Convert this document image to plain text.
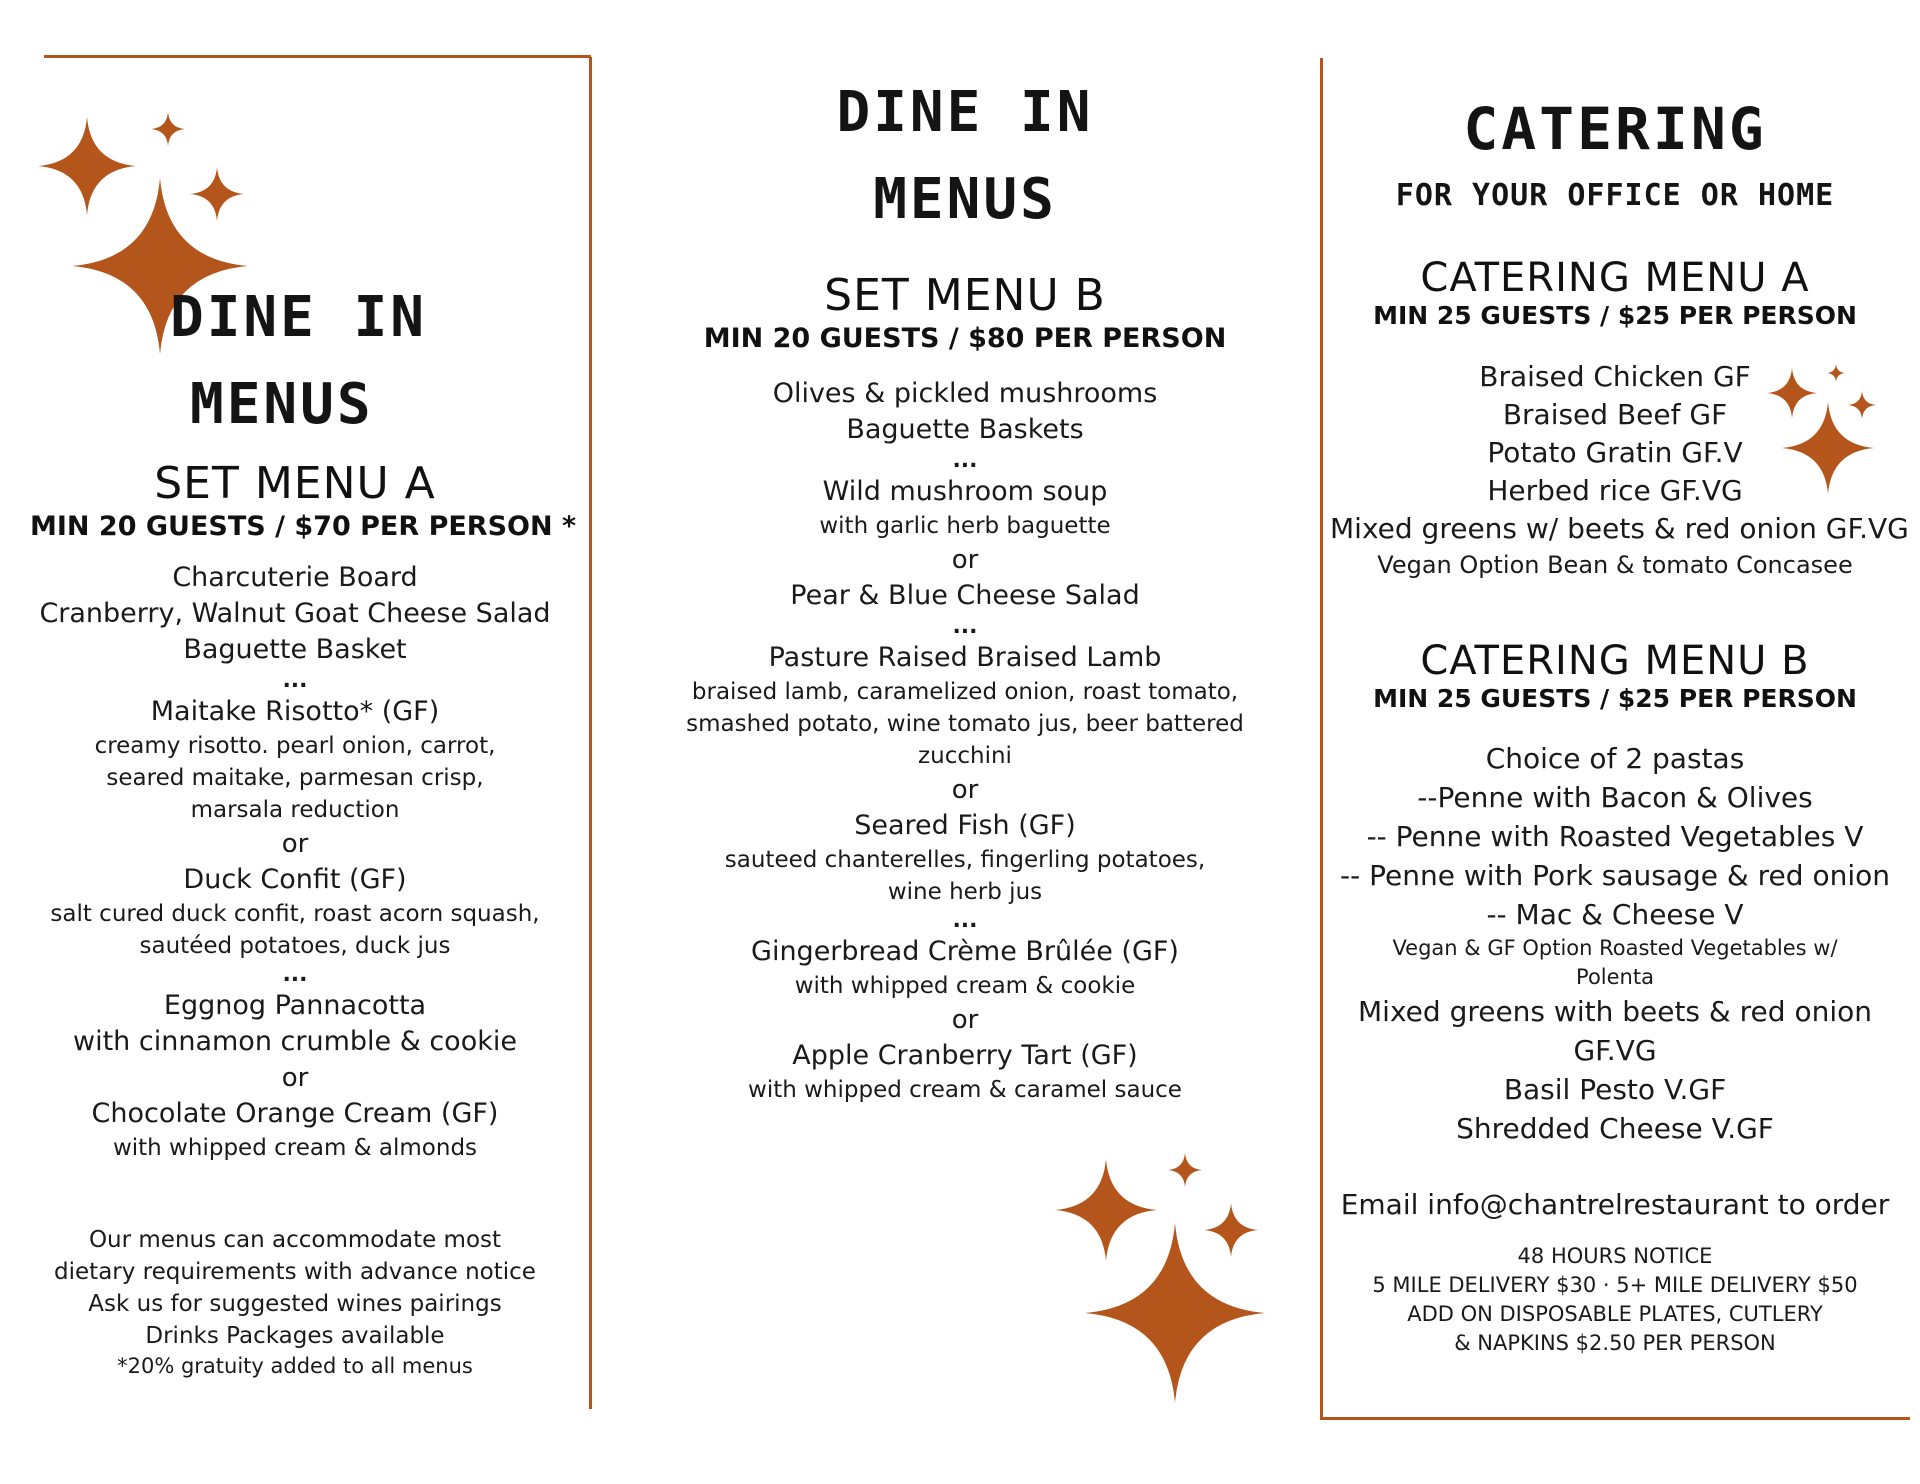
DINE IN
MENUS
SET MENU A
MIN 20 GUESTS / $70 PER PERSON *
Charcuterie Board
Cranberry, Walnut Goat Cheese Salad
Baguette Basket
...
Maitake Risotto* (GF)
creamy risotto. pearl onion, carrot,
seared maitake, parmesan crisp,
marsala reduction
or
Duck Confit (GF)
salt cured duck confit, roast acorn squash,
sautéed potatoes, duck jus
...
Eggnog Pannacotta
with cinnamon crumble & cookie
or
Chocolate Orange Cream (GF)
with whipped cream & almonds
Our menus can accommodate most
dietary requirements with advance notice
Ask us for suggested wines pairings
Drinks Packages available
*20% gratuity added to all menus
DINE IN
MENUS
SET MENU B
MIN 20 GUESTS / $80 PER PERSON
Olives & pickled mushrooms
Baguette Baskets
...
Wild mushroom soup
with garlic herb baguette
or
Pear & Blue Cheese Salad
...
Pasture Raised Braised Lamb
braised lamb, caramelized onion, roast tomato,
smashed potato, wine tomato jus, beer battered
zucchini
or
Seared Fish (GF)
sauteed chanterelles, fingerling potatoes,
wine herb jus
...
Gingerbread Crème Brûlée (GF)
with whipped cream & cookie
or
Apple Cranberry Tart (GF)
with whipped cream & caramel sauce
CATERING
FOR YOUR OFFICE OR HOME
CATERING MENU A
MIN 25 GUESTS / $25 PER PERSON
Braised Chicken GF
Braised Beef GF
Potato Gratin GF.V
Herbed rice GF.VG
Mixed greens w/ beets & red onion GF.VG
Vegan Option Bean & tomato Concasee
CATERING MENU B
MIN 25 GUESTS / $25 PER PERSON
Choice of 2 pastas
--Penne with Bacon & Olives
-- Penne with Roasted Vegetables V
-- Penne with Pork sausage & red onion
-- Mac & Cheese V
Vegan & GF Option Roasted Vegetables w/
Polenta
Mixed greens with beets & red onion
GF.VG
Basil Pesto V.GF
Shredded Cheese V.GF
Email info@chantrelrestaurant to order
48 HOURS NOTICE
5 MILE DELIVERY $30 · 5+ MILE DELIVERY $50
ADD ON DISPOSABLE PLATES, CUTLERY
& NAPKINS $2.50 PER PERSON
